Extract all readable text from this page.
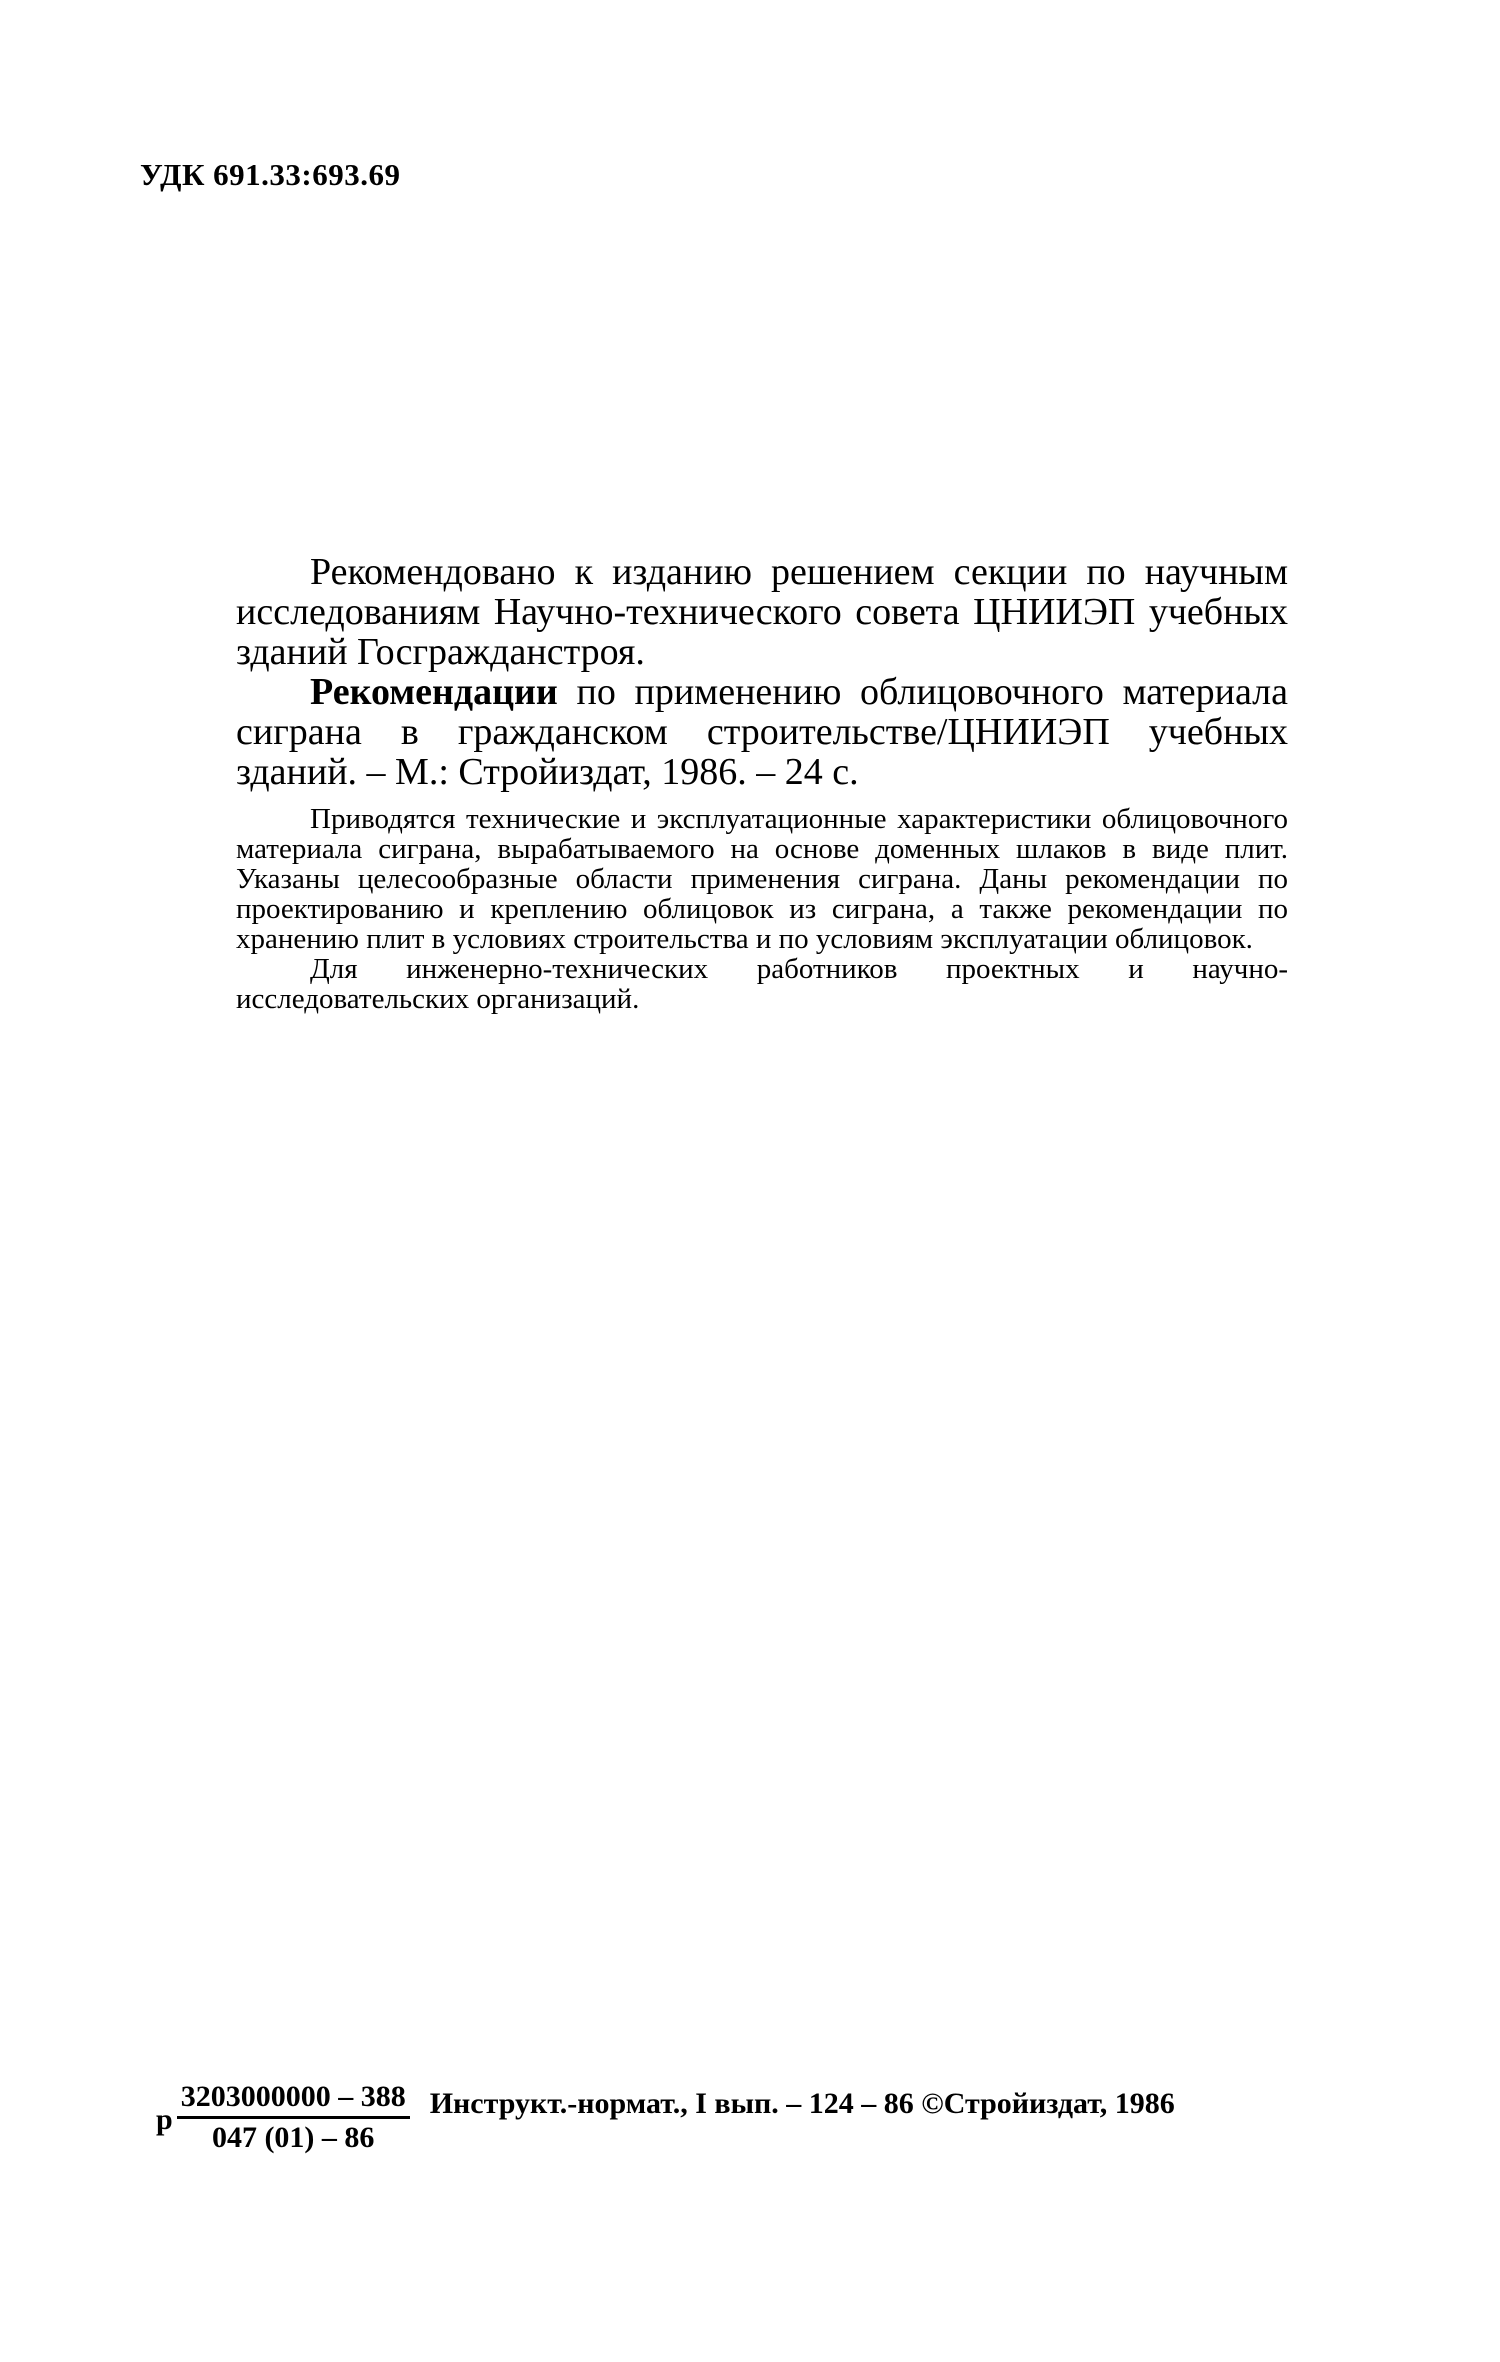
УДК 691.33:693.69

Рекомендовано к изданию решением секции по научным исследованиям Научно-технического совета ЦНИИЭП учебных зданий Госгражданстроя.

Рекомендации по применению облицовочного материала сиграна в гражданском строительстве/ЦНИИЭП учебных зданий. – М.: Стройиздат, 1986. – 24 с.

Приводятся технические и эксплуатационные характеристики облицовочного материала сиграна, вырабатываемого на основе доменных шлаков в виде плит. Указаны целесообразные области применения сиграна. Даны рекомендации по проектированию и креплению облицовок из сиграна, а также рекомендации по хранению плит в условиях строительства и по условиям эксплуатации облицовок.

Для инженерно-технических работников проектных и научно-исследовательских организаций.

р $\frac{3203000000 - 388}{047 (01) - 86}$ Инструкт.-нормат., I вып. – 124 – 86 ©Стройиздат, 1986
